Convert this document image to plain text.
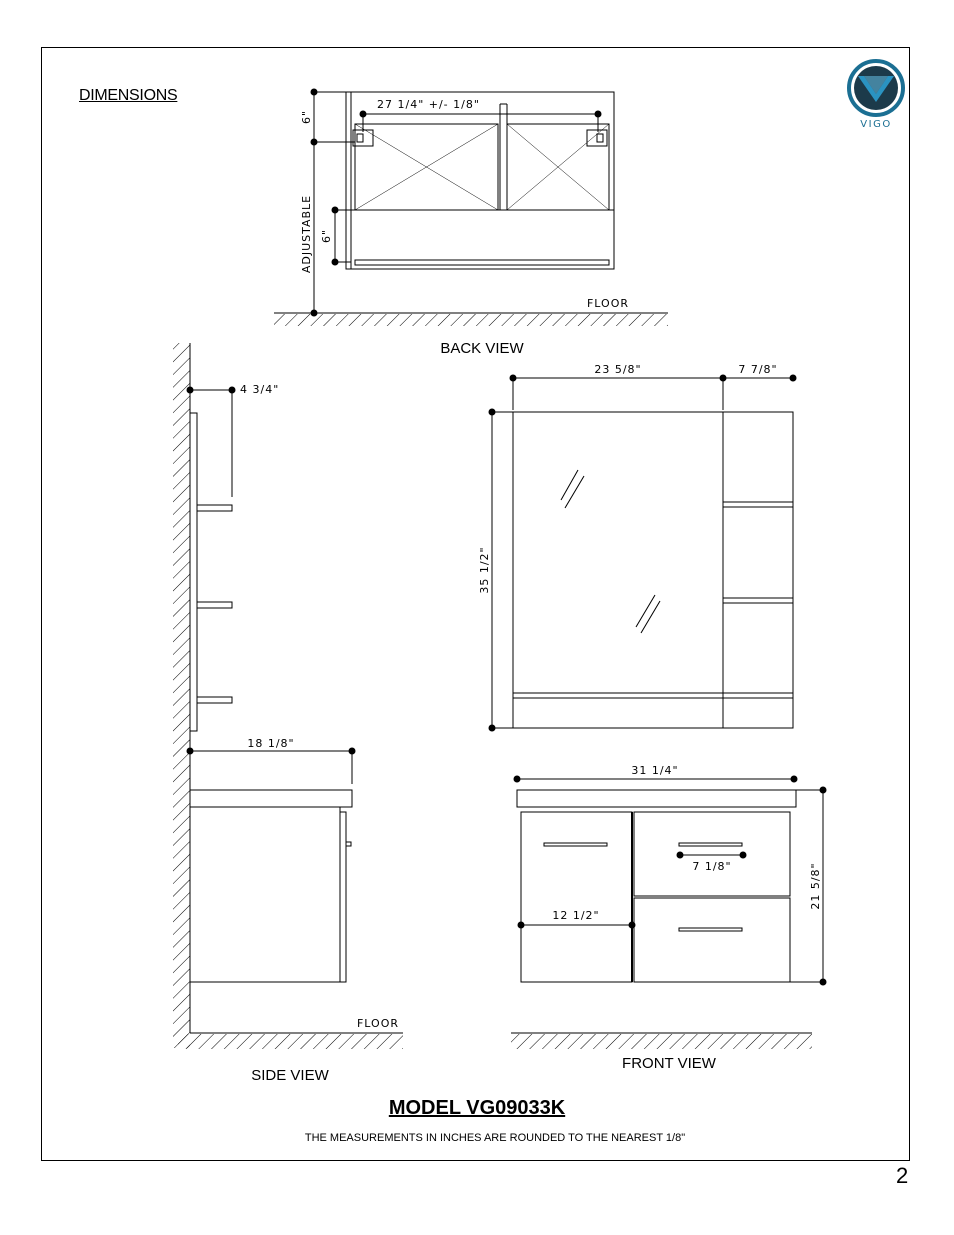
DIMENSIONS
VIGO
27 1/4" +/- 1/8"
6"
ADJUSTABLE 6"
FLOOR
BACK VIEW
4 3/4"
18 1/8"
FLOOR
SIDE VIEW
23 5/8"	7 7/8"
35 1/2"
31 1/4"
7 1/8"
12 1/2"
21 5/8"
FRONT VIEW
MODEL VG09033K
THE MEASUREMENTS IN INCHES ARE ROUNDED TO THE NEAREST 1/8"
2
